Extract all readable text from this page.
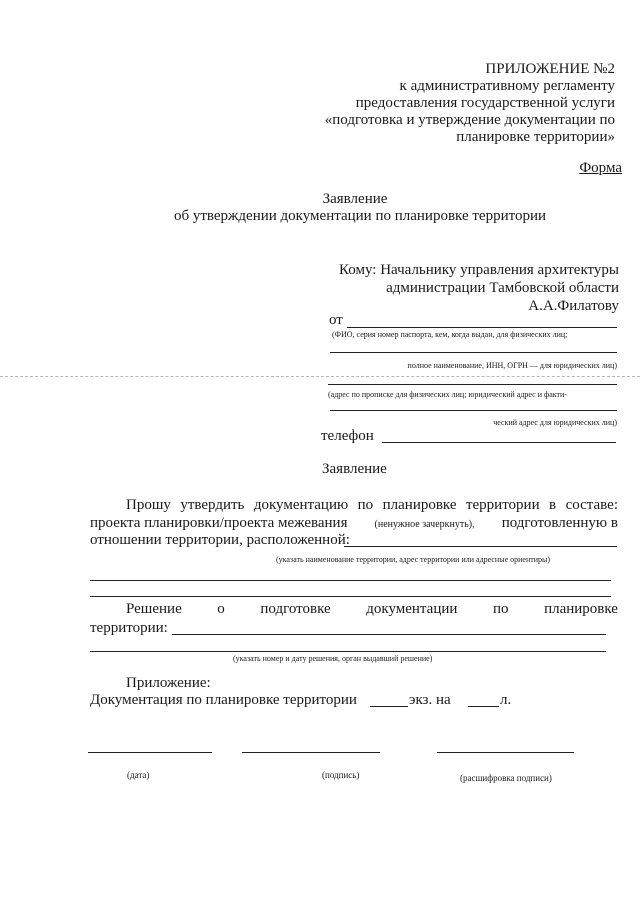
ПРИЛОЖЕНИЕ №2
к административному регламенту
предоставления государственной услуги
«подготовка и утверждение документации по
планировке территории»
Форма
Заявление
об утверждении документации по планировке территории
Кому: Начальнику управления архитектуры
администрации Тамбовской области
А.А.Филатову
от
(ФИО, серия номер паспорта, кем, когда выдан, для физических лиц;
полное наименование, ИНН, ОГРН — для юридических лиц)
(адрес по прописке для физических лиц; юридический адрес и факти-
ческий адрес для юридических лиц)
телефон
Заявление
Прошу утвердить документацию по планировке территории в составе:
проекта планировки/проекта межевания	(ненужное зачеркнуть), подготовленную в
отношении территории, расположенной:
(указать наименование территории, адрес территории или адресные ориентиры)
Решение о подготовке документации по планировке
территории:
(указать номер и дату решения, орган выдавший решение)
Приложение:
Документация по планировке территории	экз. на	л.
(дата)	(подпись)	(расшифровка подписи)
